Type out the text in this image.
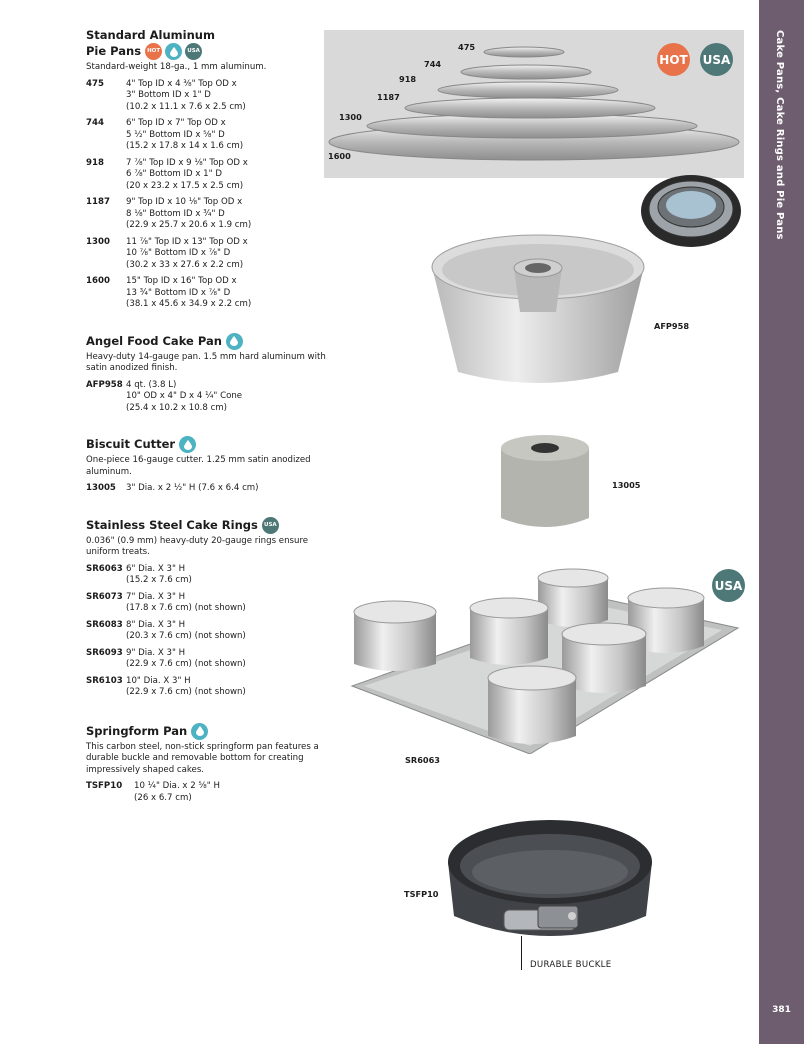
Cake Pans, Cake Rings and Pie Pans
381
Standard Aluminum
Pie Pans	HOT	USA
Standard-weight 18-ga., 1 mm aluminum.
475	4" Top ID x 4 ⅜" Top OD x
3" Bottom ID x 1" D
(10.2 x 11.1 x 7.6 x 2.5 cm)
744	6" Top ID x 7" Top OD x
5 ½" Bottom ID x ⅝" D
(15.2 x 17.8 x 14 x 1.6 cm)
918	7 ⅞" Top ID x 9 ⅛" Top OD x
6 ⅞" Bottom ID x 1" D
(20 x 23.2 x 17.5 x 2.5 cm)
1187	9" Top ID x 10 ⅛" Top OD x
8 ⅛" Bottom ID x ¾" D
(22.9 x 25.7 x 20.6 x 1.9 cm)
1300	11 ⅞" Top ID x 13" Top OD x
10 ⅞" Bottom ID x ⅞" D
(30.2 x 33 x 27.6 x 2.2 cm)
1600	15" Top ID x 16" Top OD x
13 ¾" Bottom ID x ⅞" D
(38.1 x 45.6 x 34.9 x 2.2 cm)
Angel Food Cake Pan
Heavy-duty 14-gauge pan. 1.5 mm hard aluminum with satin anodized finish.
AFP958 4 qt. (3.8 L)
10" OD x 4" D x 4 ¼" Cone
(25.4 x 10.2 x 10.8 cm)
Biscuit Cutter
One-piece 16-gauge cutter. 1.25 mm satin anodized aluminum.
13005	3" Dia. x 2 ½" H (7.6 x 6.4 cm)
Stainless Steel Cake Rings	USA
0.036" (0.9 mm) heavy-duty 20-gauge rings ensure uniform treats.
SR6063 6" Dia. X 3" H
(15.2 x 7.6 cm)
SR6073 7" Dia. X 3" H
(17.8 x 7.6 cm) (not shown)
SR6083 8" Dia. X 3" H
(20.3 x 7.6 cm) (not shown)
SR6093 9" Dia. X 3" H
(22.9 x 7.6 cm) (not shown)
SR6103 10" Dia. X 3" H
(22.9 x 7.6 cm) (not shown)
Springform Pan
This carbon steel, non-stick springform pan features a durable buckle and removable bottom for creating impressively shaped cakes.
TSFP10	10 ¼" Dia. x 2 ⅝" H
(26 x 6.7 cm)
475
744
918
1187
1300
1600
HOT USA
AFP958
13005
USA
SR6063
TSFP10
DURABLE BUCKLE
